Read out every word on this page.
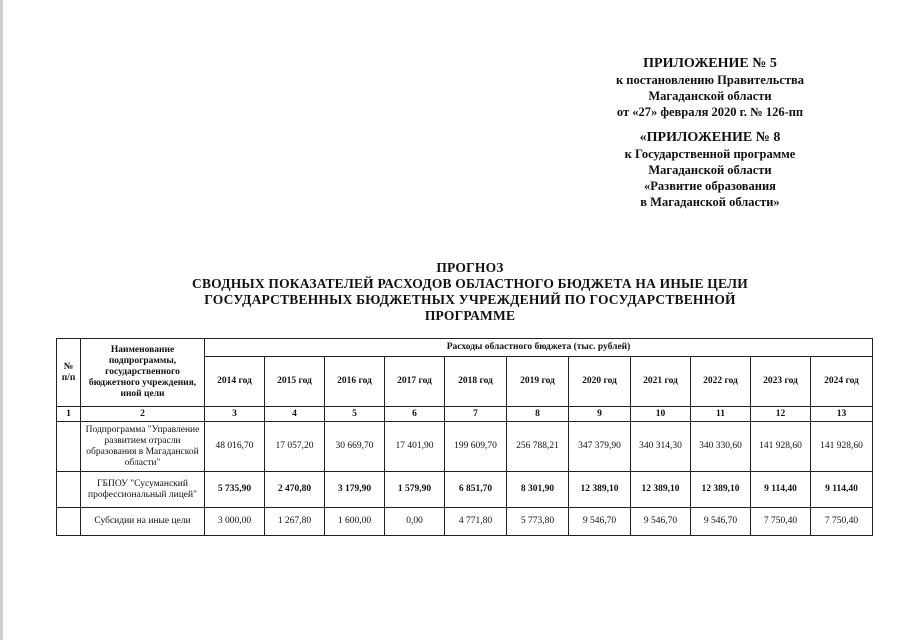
ПРИЛОЖЕНИЕ № 5
к постановлению Правительства
Магаданской области
от «27» февраля 2020 г. № 126-пп
«ПРИЛОЖЕНИЕ № 8
к Государственной программе
Магаданской области
«Развитие образования
в Магаданской области»
ПРОГНОЗ
СВОДНЫХ ПОКАЗАТЕЛЕЙ РАСХОДОВ ОБЛАСТНОГО БЮДЖЕТА НА ИНЫЕ ЦЕЛИ
ГОСУДАРСТВЕННЫХ БЮДЖЕТНЫХ УЧРЕЖДЕНИЙ ПО ГОСУДАРСТВЕННОЙ
ПРОГРАММЕ
№ п/п	Наименование подпрограммы, государственного бюджетного учреждения, иной цели	Расходы областного бюджета (тыс. рублей)										
		2014 год	2015 год	2016 год	2017 год	2018 год	2019 год	2020 год	2021 год	2022 год	2023 год	2024 год
1	2	3	4	5	6	7	8	9	10	11	12	13
	Подпрограмма "Управление развитием отрасли образования в Магаданской области"	48 016,70	17 057,20	30 669,70	17 401,90	199 609,70	256 788,21	347 379,90	340 314,30	340 330,60	141 928,60	141 928,60
	ГБПОУ "Сусуманский профессиональный лицей"	5 735,90	2 470,80	3 179,90	1 579,90	6 851,70	8 301,90	12 389,10	12 389,10	12 389,10	9 114,40	9 114,40
	Субсидии на иные цели	3 000,00	1 267,80	1 600,00	0,00	4 771,80	5 773,80	9 546,70	9 546,70	9 546,70	7 750,40	7 750,40
